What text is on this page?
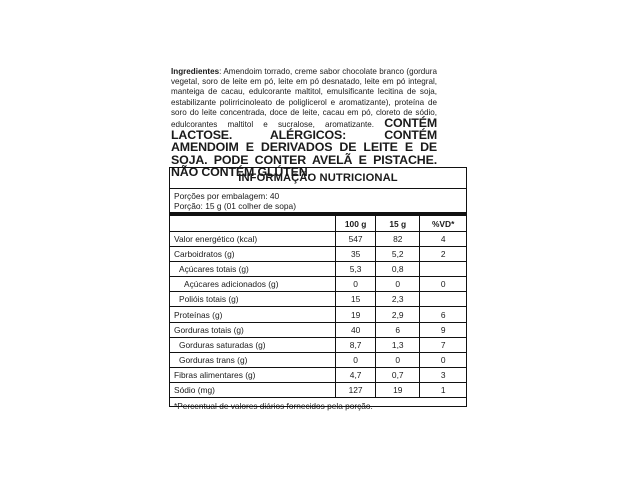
Ingredientes: Amendoim torrado, creme sabor chocolate branco (gordura vegetal, soro de leite em pó, leite em pó desnatado, leite em pó integral, manteiga de cacau, edulcorante maltitol, emulsificante lecitina de soja, estabilizante polirricinoleato de poliglicerol e aromatizante), proteína de soro do leite concentrada, doce de leite, cacau em pó, cloreto de sódio, edulcorantes maltitol e sucralose, aromatizante. CONTÉM LACTOSE. ALÉRGICOS: CONTÉM AMENDOIM E DERIVADOS DE LEITE E DE SOJA. PODE CONTER AVELÃ E PISTACHE. NÃO CONTÉM GLÚTEN.
INFORMAÇÃO NUTRICIONAL
Porções por embalagem: 40
Porção: 15 g (01 colher de sopa)
	100 g	15 g	%VD*
Valor energético (kcal)	547	82	4
Carboidratos (g)	35	5,2	2
Açúcares totais (g)	5,3	0,8	
Açúcares adicionados (g)	0	0	0
Polióis totais (g)	15	2,3	
Proteínas (g)	19	2,9	6
Gorduras totais (g)	40	6	9
Gorduras saturadas (g)	8,7	1,3	7
Gorduras trans (g)	0	0	0
Fibras alimentares (g)	4,7	0,7	3
Sódio (mg)	127	19	1
*Percentual de valores diários fornecidos pela porção.
